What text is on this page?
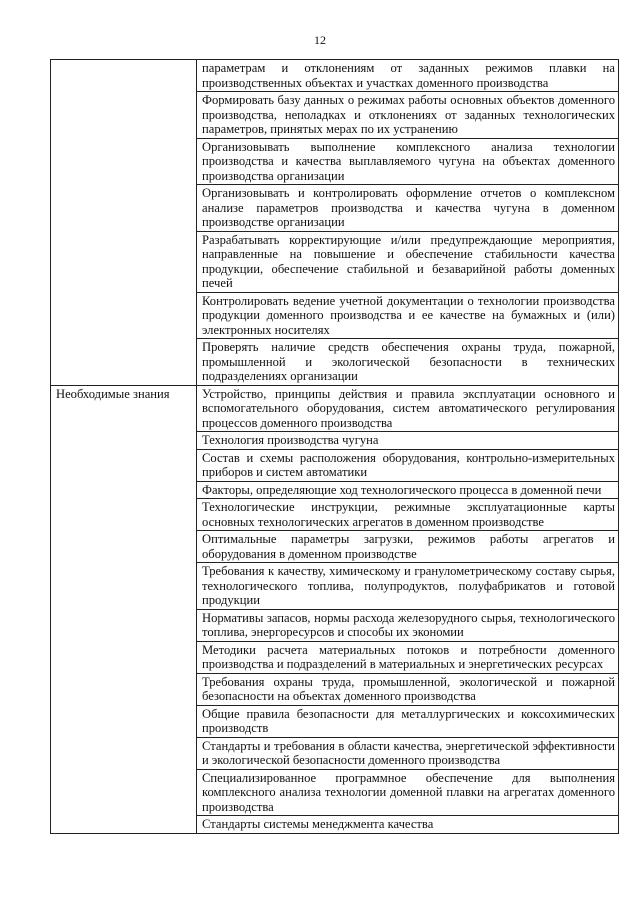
12
	параметрам и отклонениям от заданных режимов плавки на производственных объектах и участках доменного производства
	Формировать базу данных о режимах работы основных объектов доменного производства, неполадках и отклонениях от заданных технологических параметров, принятых мерах по их устранению
	Организовывать выполнение комплексного анализа технологии производства и качества выплавляемого чугуна на объектах доменного производства организации
	Организовывать и контролировать оформление отчетов о комплексном анализе параметров производства и качества чугуна в доменном производстве организации
	Разрабатывать корректирующие и/или предупреждающие мероприятия, направленные на повышение и обеспечение стабильности качества продукции, обеспечение стабильной и безаварийной работы доменных печей
	Контролировать ведение учетной документации о технологии производства продукции доменного производства и ее качестве на бумажных и (или) электронных носителях
	Проверять наличие средств обеспечения охраны труда, пожарной, промышленной и экологической безопасности в технических подразделениях организации
Необходимые знания	Устройство, принципы действия и правила эксплуатации основного и вспомогательного оборудования, систем автоматического регулирования процессов доменного производства
	Технология производства чугуна
	Состав и схемы расположения оборудования, контрольно-измерительных приборов и систем автоматики
	Факторы, определяющие ход технологического процесса в доменной печи
	Технологические инструкции, режимные эксплуатационные карты основных технологических агрегатов в доменном производстве
	Оптимальные параметры загрузки, режимов работы агрегатов и оборудования в доменном производстве
	Требования к качеству, химическому и гранулометрическому составу сырья, технологического топлива, полупродуктов, полуфабрикатов и готовой продукции
	Нормативы запасов, нормы расхода железорудного сырья, технологического топлива, энергоресурсов и способы их экономии
	Методики расчета материальных потоков и потребности доменного производства и подразделений в материальных и энергетических ресурсах
	Требования охраны труда, промышленной, экологической и пожарной безопасности на объектах доменного производства
	Общие правила безопасности для металлургических и коксохимических производств
	Стандарты и требования в области качества, энергетической эффективности и экологической безопасности доменного производства
	Специализированное программное обеспечение для выполнения комплексного анализа технологии доменной плавки на агрегатах доменного производства
	Стандарты системы менеджмента качества
